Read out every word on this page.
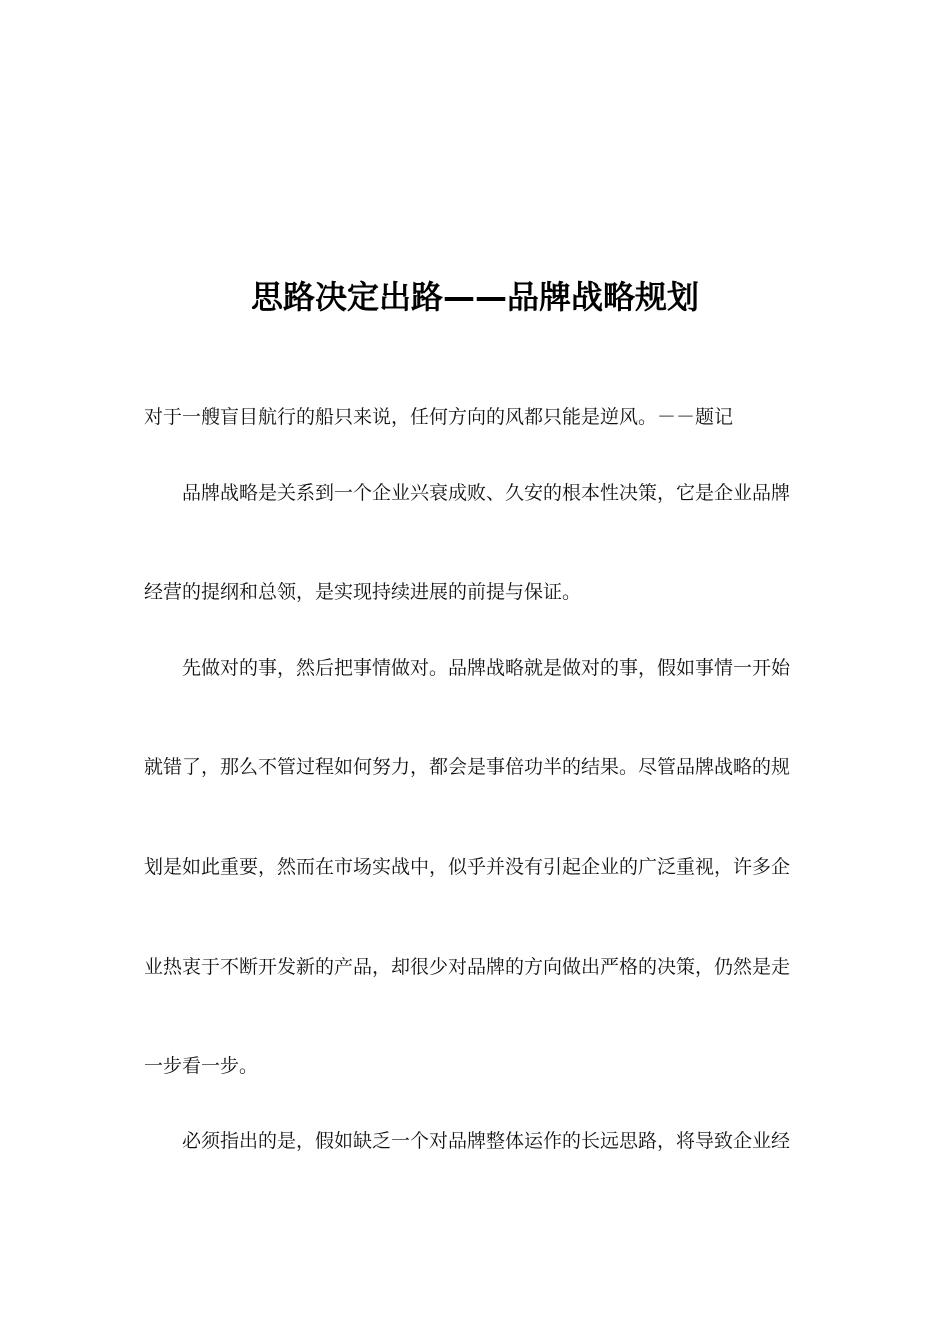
思路决定出路——品牌战略规划
对于一艘盲目航行的船只来说，任何方向的风都只能是逆风。－－题记
品牌战略是关系到一个企业兴衰成败、久安的根本性决策，它是企业品牌
经营的提纲和总领，是实现持续进展的前提与保证。
先做对的事，然后把事情做对。品牌战略就是做对的事，假如事情一开始
就错了，那么不管过程如何努力，都会是事倍功半的结果。尽管品牌战略的规
划是如此重要，然而在市场实战中，似乎并没有引起企业的广泛重视，许多企
业热衷于不断开发新的产品，却很少对品牌的方向做出严格的决策，仍然是走
一步看一步。
必须指出的是，假如缺乏一个对品牌整体运作的长远思路，将导致企业经
